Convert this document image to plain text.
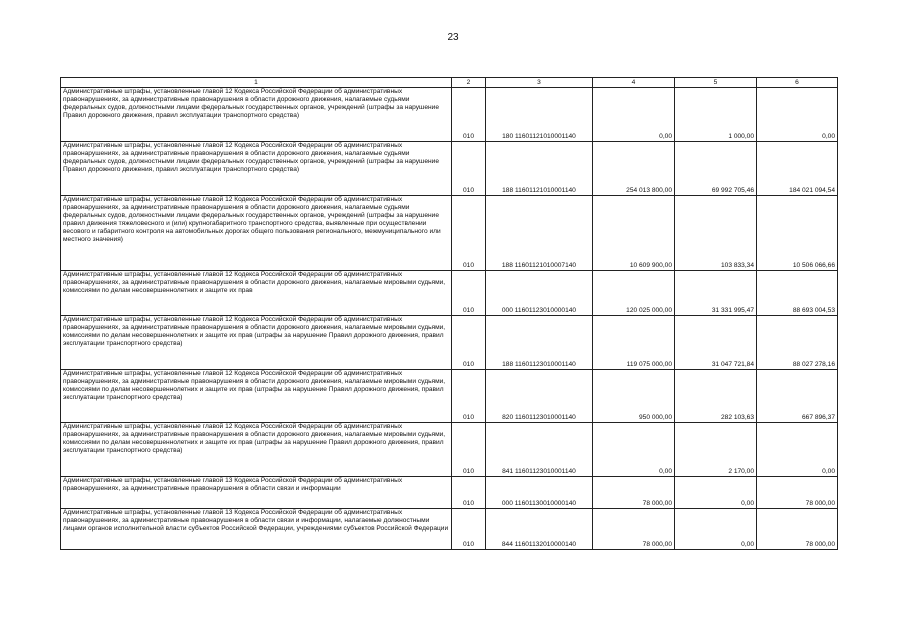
23
1	2	3	4	5	6
Административные штрафы, установленные главой 12 Кодекса Российской Федерации об административных правонарушениях, за административные правонарушения в области дорожного движения, налагаемые судьями федеральных судов, должностными лицами федеральных государственных органов, учреждений (штрафы за нарушение Правил дорожного движения, правил эксплуатации транспортного средства)	010	180 11601121010001140	0,00	1 000,00	0,00
Административные штрафы, установленные главой 12 Кодекса Российской Федерации об административных правонарушениях, за административные правонарушения в области дорожного движения, налагаемые судьями федеральных судов, должностными лицами федеральных государственных органов, учреждений (штрафы за нарушение Правил дорожного движения, правил эксплуатации транспортного средства)	010	188 11601121010001140	254 013 800,00	69 992 705,46	184 021 094,54
Административные штрафы, установленные главой 12 Кодекса Российской Федерации об административных правонарушениях, за административные правонарушения в области дорожного движения, налагаемые судьями федеральных судов, должностными лицами федеральных государственных органов, учреждений (штрафы за нарушение правил движения тяжеловесного и (или) крупногабаритного транспортного средства, выявленные при осуществлении весового и габаритного контроля на автомобильных дорогах общего пользования регионального, межмуниципального или местного значения)	010	188 11601121010007140	10 609 900,00	103 833,34	10 506 066,66
Административные штрафы, установленные главой 12 Кодекса Российской Федерации об административных правонарушениях, за административные правонарушения в области дорожного движения, налагаемые мировыми судьями, комиссиями по делам несовершеннолетних и защите их прав	010	000 11601123010000140	120 025 000,00	31 331 995,47	88 693 004,53
Административные штрафы, установленные главой 12 Кодекса Российской Федерации об административных правонарушениях, за административные правонарушения в области дорожного движения, налагаемые мировыми судьями, комиссиями по делам несовершеннолетних и защите их прав (штрафы за нарушение Правил дорожного движения, правил эксплуатации транспортного средства)	010	188 11601123010001140	119 075 000,00	31 047 721,84	88 027 278,16
Административные штрафы, установленные главой 12 Кодекса Российской Федерации об административных правонарушениях, за административные правонарушения в области дорожного движения, налагаемые мировыми судьями, комиссиями по делам несовершеннолетних и защите их прав (штрафы за нарушение Правил дорожного движения, правил эксплуатации транспортного средства)	010	820 11601123010001140	950 000,00	282 103,63	667 896,37
Административные штрафы, установленные главой 12 Кодекса Российской Федерации об административных правонарушениях, за административные правонарушения в области дорожного движения, налагаемые мировыми судьями, комиссиями по делам несовершеннолетних и защите их прав (штрафы за нарушение Правил дорожного движения, правил эксплуатации транспортного средства)	010	841 11601123010001140	0,00	2 170,00	0,00
Административные штрафы, установленные главой 13 Кодекса Российской Федерации об административных правонарушениях, за административные правонарушения в области связи и информации	010	000 11601130010000140	78 000,00	0,00	78 000,00
Административные штрафы, установленные главой 13 Кодекса Российской Федерации об административных правонарушениях, за административные правонарушения в области связи и информации, налагаемые должностными лицами органов исполнительной власти субъектов Российской Федерации, учреждениями субъектов Российской Федерации	010	844 11601132010000140	78 000,00	0,00	78 000,00
